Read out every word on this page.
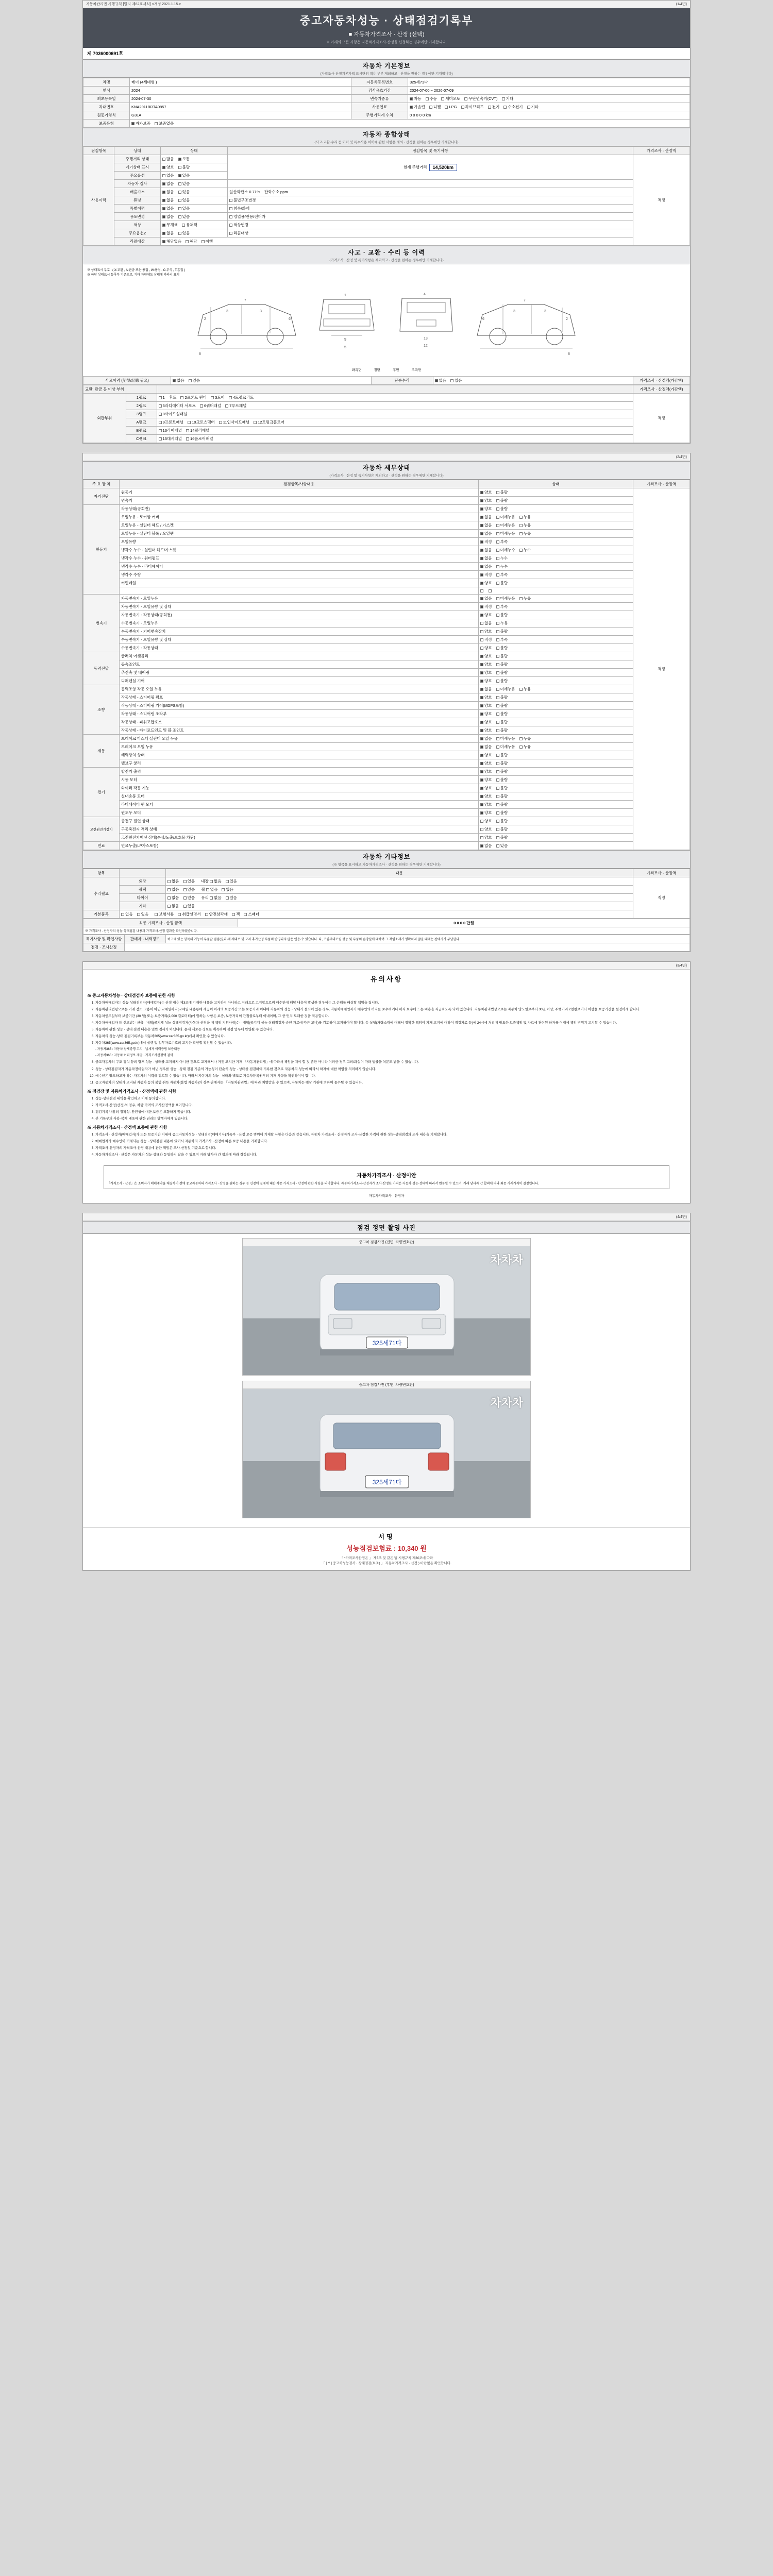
자동차관리법 시행규칙 [별지 제82호서식] <개정 2021.1.15.>	(1/4면)
중고자동차성능 · 상태점검기록부
■ 자동차가격조사 · 산정 (선택)
※ 아래의 모든 사항은 자동차가격조사·산정을 신청하는 경우에만 기재합니다.
제 7036000691호
자동차 기본정보
(가격조사·산정기본가액 표시단위 적용 부분 제외하고 · 산정을 원하는 경우에만 기재합니다)
차명	레이 (4세대형 )	자동차등록번호	325세71다
연식	2024	검사유효기간	2024-07-00 ~ 2026-07-09
최초등록일	2024-07-30	변속기종류	자동 수동 세미오토 무단변속기(CVT) 기타
차대번호	KNA2911BRTA0857	사용연료	가솔린 디젤 LPG 하이브리드 전기 수소전기 기타
원동기형식	G3LA	주행거리계 수치	0 0 0 0 0 km
보증유형	자가보증 보증없음		
자동차 종합상태
(사고·교환·수리 등 이력 및 특수사용 이력에 관한 사항은 제외 · 산정을 원하는 경우에만 기재합니다)
점검항목	상태	상태	점검항목 및 특기사항	가격조사 · 산정액
사용이력	주행거리 상태	많음 보통	현재 주행거리 14,520km	적정
	계기상태 표시	양호 불량		
	주요옵션	없음 있음		
	자동차 검사	없음 있음		
	배출가스	없음 있음	일산화탄소 0.71% 탄화수소 ppm	
	튜닝	없음 있음	불법구조변경	
	특별이력	없음 있음	침수/화재	
	용도변경	없음 있음	영업용/관용/렌터카	
	색상	무채색 유채색	색상변경	
	주요옵션2	없음 있음	리콜대상	
	리콜대상	해당없음 해당 이행		
사고 · 교환 · 수리 등 이력
(가격조사 · 산정 및 특기사항은 제외하고 · 산정을 원하는 경우에만 기재합니다)
※ 상태표시 부호 : ( X:교환 , A:판금 또는 용접 , W:용접 , C:부식 , T:흠집 )
※ 하단 상태표시 등록부 기준으로, 기타 차량에도 상태에 따라서 표시
8
3	3
6
2
7
1
9
5
4
13
12
8
3	3
6	2
7
좌측면	정면	후면	우측면
사고이력 (記得/記錄 필요)	없음 있음	단순수리	없음 있음	가격조사 · 산정액(가감액)
교환, 판금 등 이상 부위			가격조사 · 산정액(가감액)
외판부위	1랭크	1 후드 2프론트 펜더 3도어 4트렁크리드	적정
	2랭크	5라디에이터 서포트 6쿼터패널 7루프패널	
	3랭크	8사이드실패널	
	A랭크	9프론트패널 10크로스멤버 11인사이드패널 12트렁크플로어	
	B랭크	13리어패널 14필러패널	
	C랭크	15대시패널 16플로어패널	
(2/4면)
자동차 세부상태
(가격조사 · 산정 및 특기사항은 제외하고 · 산정을 원하는 경우에만 기재합니다)
주 요 장 치	점검항목/사항내용	상태	가격조사 · 산정액
자기진단	원동기	양호 불량	적정
	변속기	양호 불량	
원동기	작동상태(공회전)	양호 불량	
	오일누유 - 로커암 커버	없음 미세누유 누유	
	오일누유 - 실린더 헤드 / 가스켓	없음 미세누유 누유	
	오일누유 - 실린더 블록 / 오일팬	없음 미세누유 누유	
	오일유량	적정 부족	
	냉각수 누수 - 실린더 헤드/가스켓	없음 미세누수 누수	
	냉각수 누수 - 워터펌프	없음 누수	
	냉각수 누수 - 라디에이터	없음 누수	
	냉각수 수량	적정 부족	
	커먼레일	양호 불량	

변속기	자동변속기 - 오일누유	없음 미세누유 누유	
	자동변속기 - 오일유량 및 상태	적정 부족	
	자동변속기 - 작동상태(공회전)	양호 불량	
	수동변속기 - 오일누유	없음 누유	
	수동변속기 - 기어변속장치	양호 불량	
	수동변속기 - 오일유량 및 상태	적정 부족	
	수동변속기 - 작동상태	양호 불량	
동력전달	클러치 어셈블리	양호 불량	
	등속조인트	양호 불량	
	추진축 및 베어링	양호 불량	
	디퍼렌셜 기어	양호 불량	
조향	동력조향 작동 오일 누유	없음 미세누유 누유	
	작동상태 - 스티어링 펌프	양호 불량	
	작동상태 - 스티어링 기어(MDPS포함)	양호 불량	
	작동상태 - 스티어링 조작부	양호 불량	
	작동상태 - 파워고압호스	양호 불량	
	작동상태 - 타이로드엔드 및 볼 조인트	양호 불량	
제동	브레이크 마스터 실린더 오일 누유	없음 미세누유 누유	
	브레이크 오일 누유	없음 미세누유 누유	
	배력장치 상태	양호 불량	
	밸브구 쿨러	양호 불량	
전기	발전기 출력	양호 불량	
	시동 모터	양호 불량	
	와이퍼 작동 기능	양호 불량	
	실내송풍 모터	양호 불량	
	라디에이터 팬 모터	양호 불량	
	윈도우 모터	양호 불량	
고전원전기장치	충전구 절연 상태	양호 불량	
	구동축전지 격리 상태	양호 불량	
	고전원전기배선 상태(손상/노출/보호물 차단)	양호 불량	
연료	연료누출(LP가스포함)	없음 있음	
자동차 기타정보
(※ 항목을 표시하고 자동차가격조사 · 산정을 원하는 경우에만 기재합니다)
항목		내용	가격조사 · 산정액
수리필요	외장	없음 있음 내장 없음 있음	적정
	광택	없음 있음 휠 없음 있음	
	타이어	없음 있음 유리 없음 있음	
	기타	없음 있음	
기본품목	없음 있음 보험서류 취급설명서 안전삼각대 잭 스패너		
최종 가격조사 · 산정 금액	0 0 0 0 만원
※ 가격조사 · 산정자의 성능·상태점검 내용과 가격조사·산정 결과를 확인하였습니다.
특기사항 및 확인사항	판매자 · 내력정보	비고에 있는 항목의 기능이 부품값 검검(결과)에 제대로 및 고지 추가산정 부품의 반영되지 않은 인용·수 있습니다. 다, 조립부대조원 성능 및 부품의 손망실에 대하여 그 책임소재가 명확하지 않을 때에는 판매자가 부담한다.
점검 · 조사산정		
(3/4면)
유의사항
※ 중고자동차성능 · 상태점검자 보증에 관한 사항
1. 자동차매매업자는 성능·상태점검자(매매업자)는 산정 내용 제3조에 기재한 내용을 고지하지 아니하고 거래으로 고지합으로써 매수인에 해당 내용이 발생한 경우에는 그 손해를 배상할 책임을 집니다.
2. 자동차관리법령으로는 거래 장소 고용이 아닌 교체일까지(교체일 내용통에 제공이 아래의 보증기간 또는 보증거리 이내에 자동차의 성능 · 상태가 설되어 있는 경우, 자동차매매업자가 매수인의 하자를 보수하거나 하자 보수에 드는 비용을 지급하도록 되어 있습니다. 자동차관리법상으로는 자동차 양도일로부터 30일 이상, 주행거리 2천킬로미터 이상을 보증기간을 설정하게 합니다.
3. 자동차인도일부터 보증기간 (30 일) 또는 보증거리(2,000 킬로미터)에 합하는 사항은 보증, 보증거리의 간접물로부터 이내이며, 그 중 먼저 도래한 것을 적용합니다.
4. 자동차매매업자 등 신고받는 산출 · 내역(공기계 성능·상태점검자(자동차 산정을 에 책임 지원사항)는 · 내역(공기계 성능·상태점검자 승인 자료에 따른 고니)를 검토하여 고지하여야 합니다. 동 실행(차량소재에 대해서 정확한 책임이 기재 고지에 대하여 점검자료 등)에 24시에 처리에 필요한 보증책임 및 자료에 관련된 하자를 이내에 책임 범위기 고지할 수 있습니다.
5. 자동차에 관한 성능 · 상태 점검 내용은 일반 검사가 아닙니다. 문제 제보는 정보를 획득하여 점검 업무에 반영될 수 있습니다.
6. 자동차의 성능·상태 점검기록부는 자동차365(www.car365.go.kr)에서 확인할 수 있습니다.
7. 자동차365(www.car365.go.kr)에서 실행 및 업무자료수호의 고지한 확인할 확인할 수 있습니다.
- 자동차365 : 자동차 납세증명 고지 · 납세자 이력증빙 보증내용
- 자동차365 : 자동차 이력정보 제공 · 가격조사산정액 검색
8. 중고자동차의 구조·장치 등의 향후 성능 · 상태를 고지하지 아니한 것으로 고지해서나 거짓 고지한 기재 「자동차관리법」에 따라서 책임을 져야 할 것 뿐만 아니라 이러한 경우 고의/과실이 따라 범률을 처분도 받을 수 있습니다.
9. 성능 · 상태점검자가 자동차정비업자가 아닌 경우를 성능 · 상태 점검 기준의 가능성이 단순히 성능 · 상태를 점검하여 기록한 것으로 자동차의 성능에 따라서 하자에 대한 책임을 의미하지 않습니다.
10. 매수인은 양도하고자 하는 자동차의 이력을 검토할 수 있습니다. 따라서 자동차의 성능 · 상태와 별도로 자동차등록원부의 기재 사항을 확인하여야 합니다.
11. 중고자동차의 상태가 고지된 자동차 등의 불법 취득 자동차(불법 자동차)의 경우 판매자는 「자동차관리법」에 따라 처벌받을 수 있으며, 자동차는 해당 기관에 의하여 몰수될 수 있습니다.
※ 점검장 및 자동차가격조사 · 산정액에 관한 사항
1. 성능·상태점검 내역을 확인하고 이에 동의합니다.
2. 가격조사·산정(산정)의 경우, 차량 가격의 조사산정액을 표기합니다.
3. 점검기록 내용의 정확성, 완전성에 대한 보증은 포함하지 않습니다.
4. 본 기록부의 사용·복제·배포에 관한 권리는 발행자에게 있습니다.
※ 자동차가격조사 · 산정액 보증에 관한 사항
1. 가격조사 · 산정자(매매업자)가 또는 보증기간 이내에 중고자동차성능 · 상태점검(매매기사)기록부 · 산정 보증 범위에 기재할 사항은 다음과 같습니다. 자동차 가격조사 · 산정자가 조사·산정한 가격에 관한 성능·상태점검의 조사 내용을 기재합니다.
2. 매매업자가 매수인이 거래되는 성능 · 상태점검 내용에 있어서 자동차의 가격조사 · 산정에 따른 보증 내용을 기재합니다.
3. 가격조사·산정자의 가격조사·산정 내용에 관한 책임은 조사·산정일 기준으로 합니다.
4. 자동차가격조사 · 산정은 자동차의 성능·상태와 동일하지 않을 수 있으며 거래 당사자 간 합의에 따라 결정됩니다.
자동차가격조사 · 산정이안
「가격조사 · 산정」은 소비자가 매매계약을 체결하기 전에 중고자동차의 가격조사 · 산정을 원하는 경우 등 신청에 결제에 대한 각종 가격조사 · 산정에 관한 사항을 의미합니다. 자동차가격조사·산정자가 조사·산정한 가격은 자동차 성능·상태에 따라서 변동될 수 있으며, 거래 당사자 간 합의에 따라 최종 거래가격이 결정됩니다.
자동차가격조사 · 산정자
(4/4면)
점검 정면 촬영 사진
중고차 점검사진 (전면, 차량번호판)
차차차
325세71다
중고차 점검사진 (후면, 차량번호판)
차차차
325세71다
서명
성능점검보험료 : 10,340 원
「 *가격조사산정은 」 제5조 및 같은 법 시행규칙 제30조에 따라
「 [ Y ] 중고차성능검사 · 상태점검(보조) 」 자동차가격조사 · 산정 ) 바랍없음 확인합니다.
